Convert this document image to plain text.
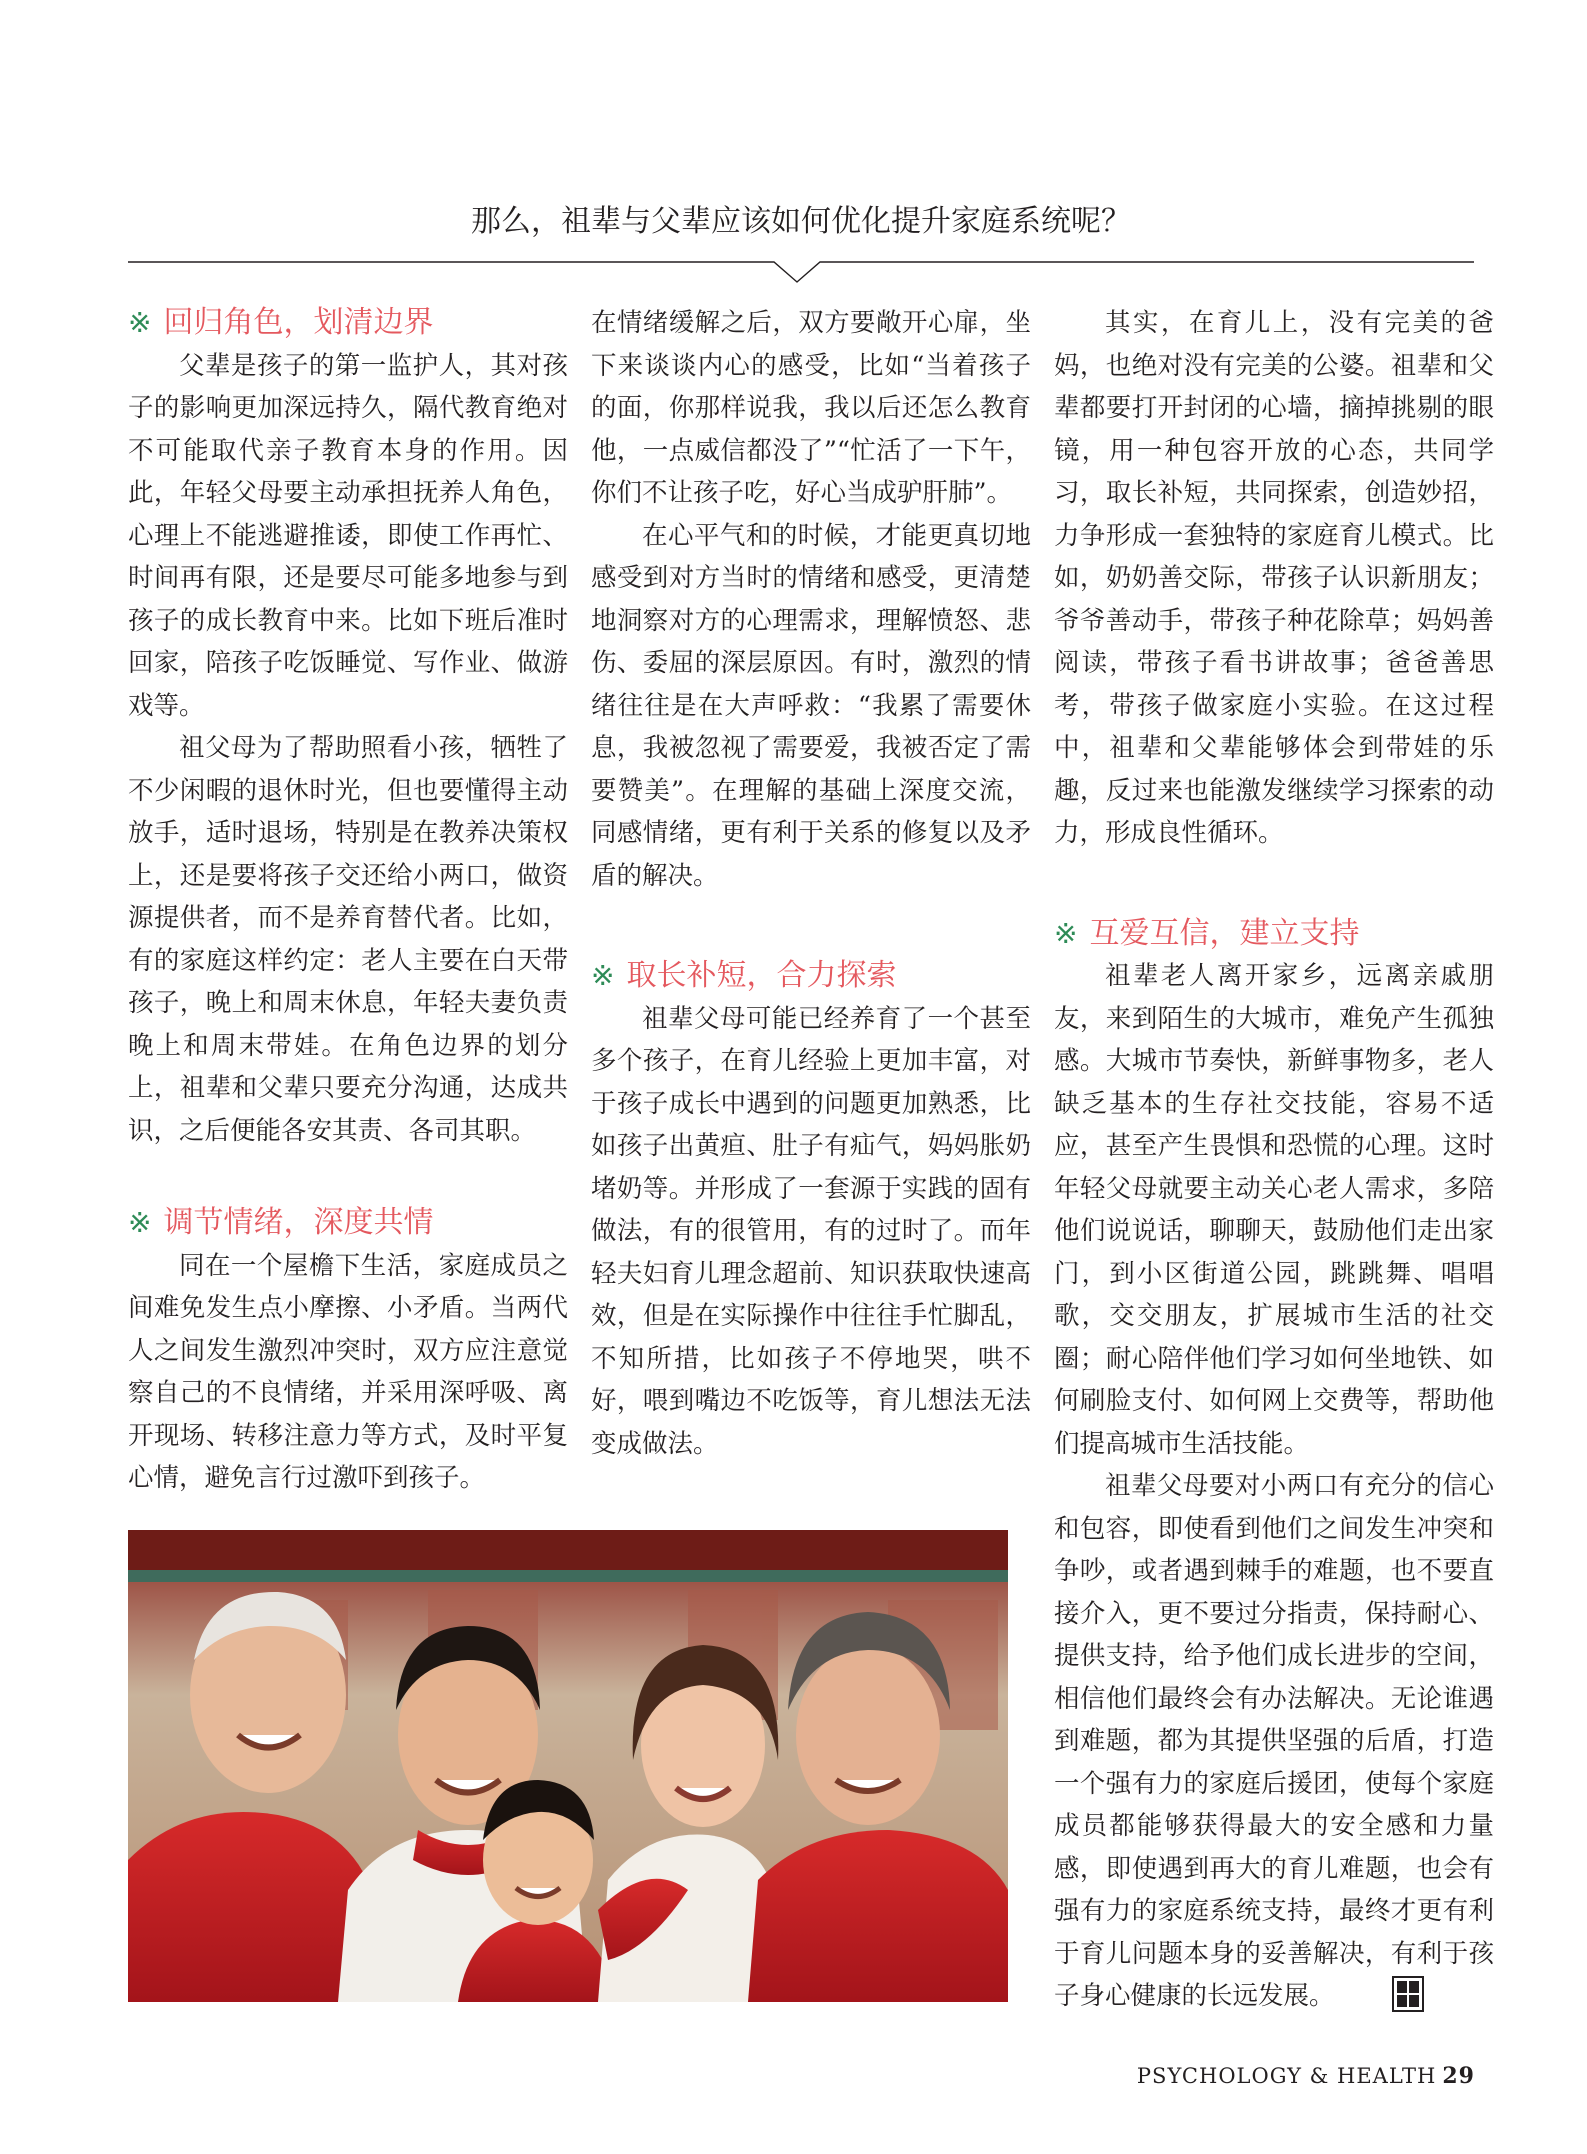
那么，祖辈与父辈应该如何优化提升家庭系统呢？
※ 回归角色，划清边界

父辈是孩子的第一监护人，其对孩子的影响更加深远持久，隔代教育绝对不可能取代亲子教育本身的作用。因此，年轻父母要主动承担抚养人角色，心理上不能逃避推诿，即使工作再忙、时间再有限，还是要尽可能多地参与到孩子的成长教育中来。比如下班后准时回家，陪孩子吃饭睡觉、写作业、做游戏等。

祖父母为了帮助照看小孩，牺牲了不少闲暇的退休时光，但也要懂得主动放手，适时退场，特别是在教养决策权上，还是要将孩子交还给小两口，做资源提供者，而不是养育替代者。比如，有的家庭这样约定：老人主要在白天带孩子，晚上和周末休息，年轻夫妻负责晚上和周末带娃。在角色边界的划分上，祖辈和父辈只要充分沟通，达成共识，之后便能各安其责、各司其职。

※ 调节情绪，深度共情

同在一个屋檐下生活，家庭成员之间难免发生点小摩擦、小矛盾。当两代人之间发生激烈冲突时，双方应注意觉察自己的不良情绪，并采用深呼吸、离开现场、转移注意力等方式，及时平复心情，避免言行过激吓到孩子。

在情绪缓解之后，双方要敞开心扉，坐下来谈谈内心的感受，比如“当着孩子的面，你那样说我，我以后还怎么教育他，一点威信都没了”“忙活了一下午，你们不让孩子吃，好心当成驴肝肺”。

在心平气和的时候，才能更真切地感受到对方当时的情绪和感受，更清楚地洞察对方的心理需求，理解愤怒、悲伤、委屈的深层原因。有时，激烈的情绪往往是在大声呼救：“我累了需要休息，我被忽视了需要爱，我被否定了需要赞美”。在理解的基础上深度交流，同感情绪，更有利于关系的修复以及矛盾的解决。

※ 取长补短，合力探索

祖辈父母可能已经养育了一个甚至多个孩子，在育儿经验上更加丰富，对于孩子成长中遇到的问题更加熟悉，比如孩子出黄疸、肚子有疝气，妈妈胀奶堵奶等。并形成了一套源于实践的固有做法，有的很管用，有的过时了。而年轻夫妇育儿理念超前、知识获取快速高效，但是在实际操作中往往手忙脚乱，不知所措，比如孩子不停地哭，哄不好，喂到嘴边不吃饭等，育儿想法无法变成做法。

其实，在育儿上，没有完美的爸妈，也绝对没有完美的公婆。祖辈和父辈都要打开封闭的心墙，摘掉挑剔的眼镜，用一种包容开放的心态，共同学习，取长补短，共同探索，创造妙招，力争形成一套独特的家庭育儿模式。比如，奶奶善交际，带孩子认识新朋友；爷爷善动手，带孩子种花除草；妈妈善阅读，带孩子看书讲故事；爸爸善思考，带孩子做家庭小实验。在这过程中，祖辈和父辈能够体会到带娃的乐趣，反过来也能激发继续学习探索的动力，形成良性循环。

※ 互爱互信，建立支持

祖辈老人离开家乡，远离亲戚朋友，来到陌生的大城市，难免产生孤独感。大城市节奏快，新鲜事物多，老人缺乏基本的生存社交技能，容易不适应，甚至产生畏惧和恐慌的心理。这时年轻父母就要主动关心老人需求，多陪他们说说话，聊聊天，鼓励他们走出家门，到小区街道公园，跳跳舞、唱唱歌，交交朋友，扩展城市生活的社交圈；耐心陪伴他们学习如何坐地铁、如何刷脸支付、如何网上交费等，帮助他们提高城市生活技能。

祖辈父母要对小两口有充分的信心和包容，即使看到他们之间发生冲突和争吵，或者遇到棘手的难题，也不要直接介入，更不要过分指责，保持耐心、提供支持，给予他们成长进步的空间，相信他们最终会有办法解决。无论谁遇到难题，都为其提供坚强的后盾，打造一个强有力的家庭后援团，使每个家庭成员都能够获得最大的安全感和力量感，即使遇到再大的育儿难题，也会有强有力的家庭系统支持，最终才更有利于育儿问题本身的妥善解决，有利于孩子身心健康的长远发展。

PSYCHOLOGY & HEALTH 29
